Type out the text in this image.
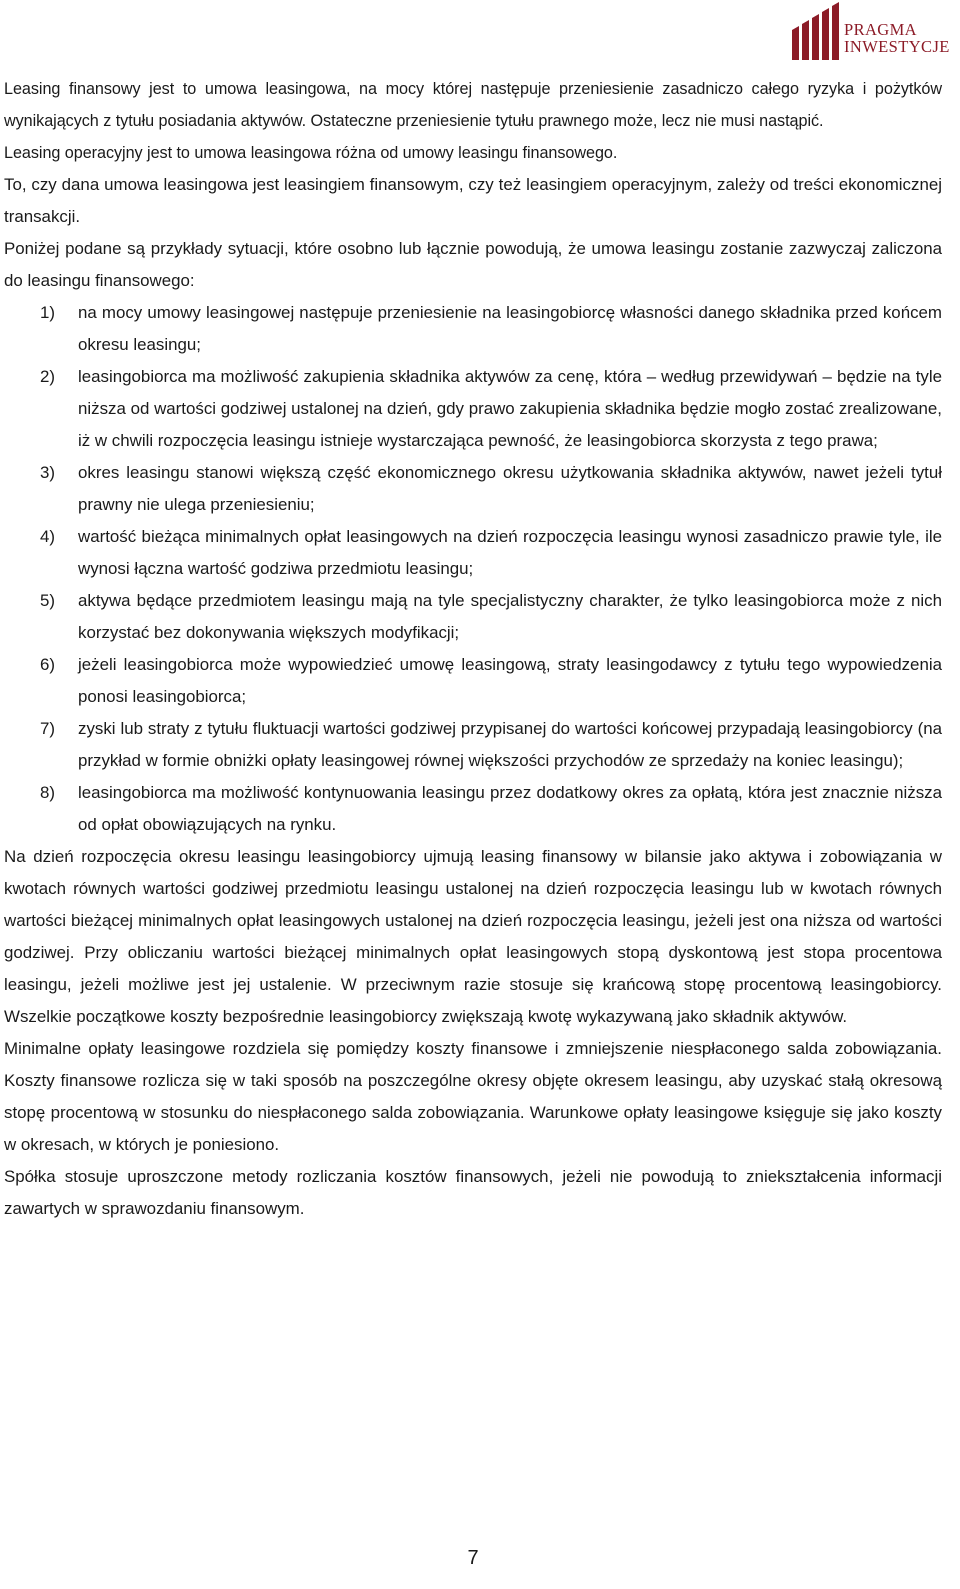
PRAGMA
INWESTYCJE

Leasing finansowy jest to umowa leasingowa, na mocy której następuje przeniesienie zasadniczo całego ryzyka i pożytków wynikających z tytułu posiadania aktywów. Ostateczne przeniesienie tytułu prawnego może, lecz nie musi nastąpić.

Leasing operacyjny jest to umowa leasingowa różna od umowy leasingu finansowego.

To, czy dana umowa leasingowa jest leasingiem finansowym, czy też leasingiem operacyjnym, zależy od treści ekonomicznej transakcji.

Poniżej podane są przykłady sytuacji, które osobno lub łącznie powodują, że umowa leasingu zostanie zazwyczaj zaliczona do leasingu finansowego:

1) na mocy umowy leasingowej następuje przeniesienie na leasingobiorcę własności danego składnika przed końcem okresu leasingu;
2) leasingobiorca ma możliwość zakupienia składnika aktywów za cenę, która – według przewidywań – będzie na tyle niższa od wartości godziwej ustalonej na dzień, gdy prawo zakupienia składnika będzie mogło zostać zrealizowane, iż w chwili rozpoczęcia leasingu istnieje wystarczająca pewność, że leasingobiorca skorzysta z tego prawa;
3) okres leasingu stanowi większą część ekonomicznego okresu użytkowania składnika aktywów, nawet jeżeli tytuł prawny nie ulega przeniesieniu;
4) wartość bieżąca minimalnych opłat leasingowych na dzień rozpoczęcia leasingu wynosi zasadniczo prawie tyle, ile wynosi łączna wartość godziwa przedmiotu leasingu;
5) aktywa będące przedmiotem leasingu mają na tyle specjalistyczny charakter, że tylko leasingobiorca może z nich korzystać bez dokonywania większych modyfikacji;
6) jeżeli leasingobiorca może wypowiedzieć umowę leasingową, straty leasingodawcy z tytułu tego wypowiedzenia ponosi leasingobiorca;
7) zyski lub straty z tytułu fluktuacji wartości godziwej przypisanej do wartości końcowej przypadają leasingobiorcy (na przykład w formie obniżki opłaty leasingowej równej większości przychodów ze sprzedaży na koniec leasingu);
8) leasingobiorca ma możliwość kontynuowania leasingu przez dodatkowy okres za opłatą, która jest znacznie niższa od opłat obowiązujących na rynku.

Na dzień rozpoczęcia okresu leasingu leasingobiorcy ujmują leasing finansowy w bilansie jako aktywa i zobowiązania w kwotach równych wartości godziwej przedmiotu leasingu ustalonej na dzień rozpoczęcia leasingu lub w kwotach równych wartości bieżącej minimalnych opłat leasingowych ustalonej na dzień rozpoczęcia leasingu, jeżeli jest ona niższa od wartości godziwej. Przy obliczaniu wartości bieżącej minimalnych opłat leasingowych stopą dyskontową jest stopa procentowa leasingu, jeżeli możliwe jest jej ustalenie. W przeciwnym razie stosuje się krańcową stopę procentową leasingobiorcy. Wszelkie początkowe koszty bezpośrednie leasingobiorcy zwiększają kwotę wykazywaną jako składnik aktywów.

Minimalne opłaty leasingowe rozdziela się pomiędzy koszty finansowe i zmniejszenie niespłaconego salda zobowiązania. Koszty finansowe rozlicza się w taki sposób na poszczególne okresy objęte okresem leasingu, aby uzyskać stałą okresową stopę procentową w stosunku do niespłaconego salda zobowiązania. Warunkowe opłaty leasingowe księguje się jako koszty w okresach, w których je poniesiono.

Spółka stosuje uproszczone metody rozliczania kosztów finansowych, jeżeli nie powodują to zniekształcenia informacji zawartych w sprawozdaniu finansowym.

7
